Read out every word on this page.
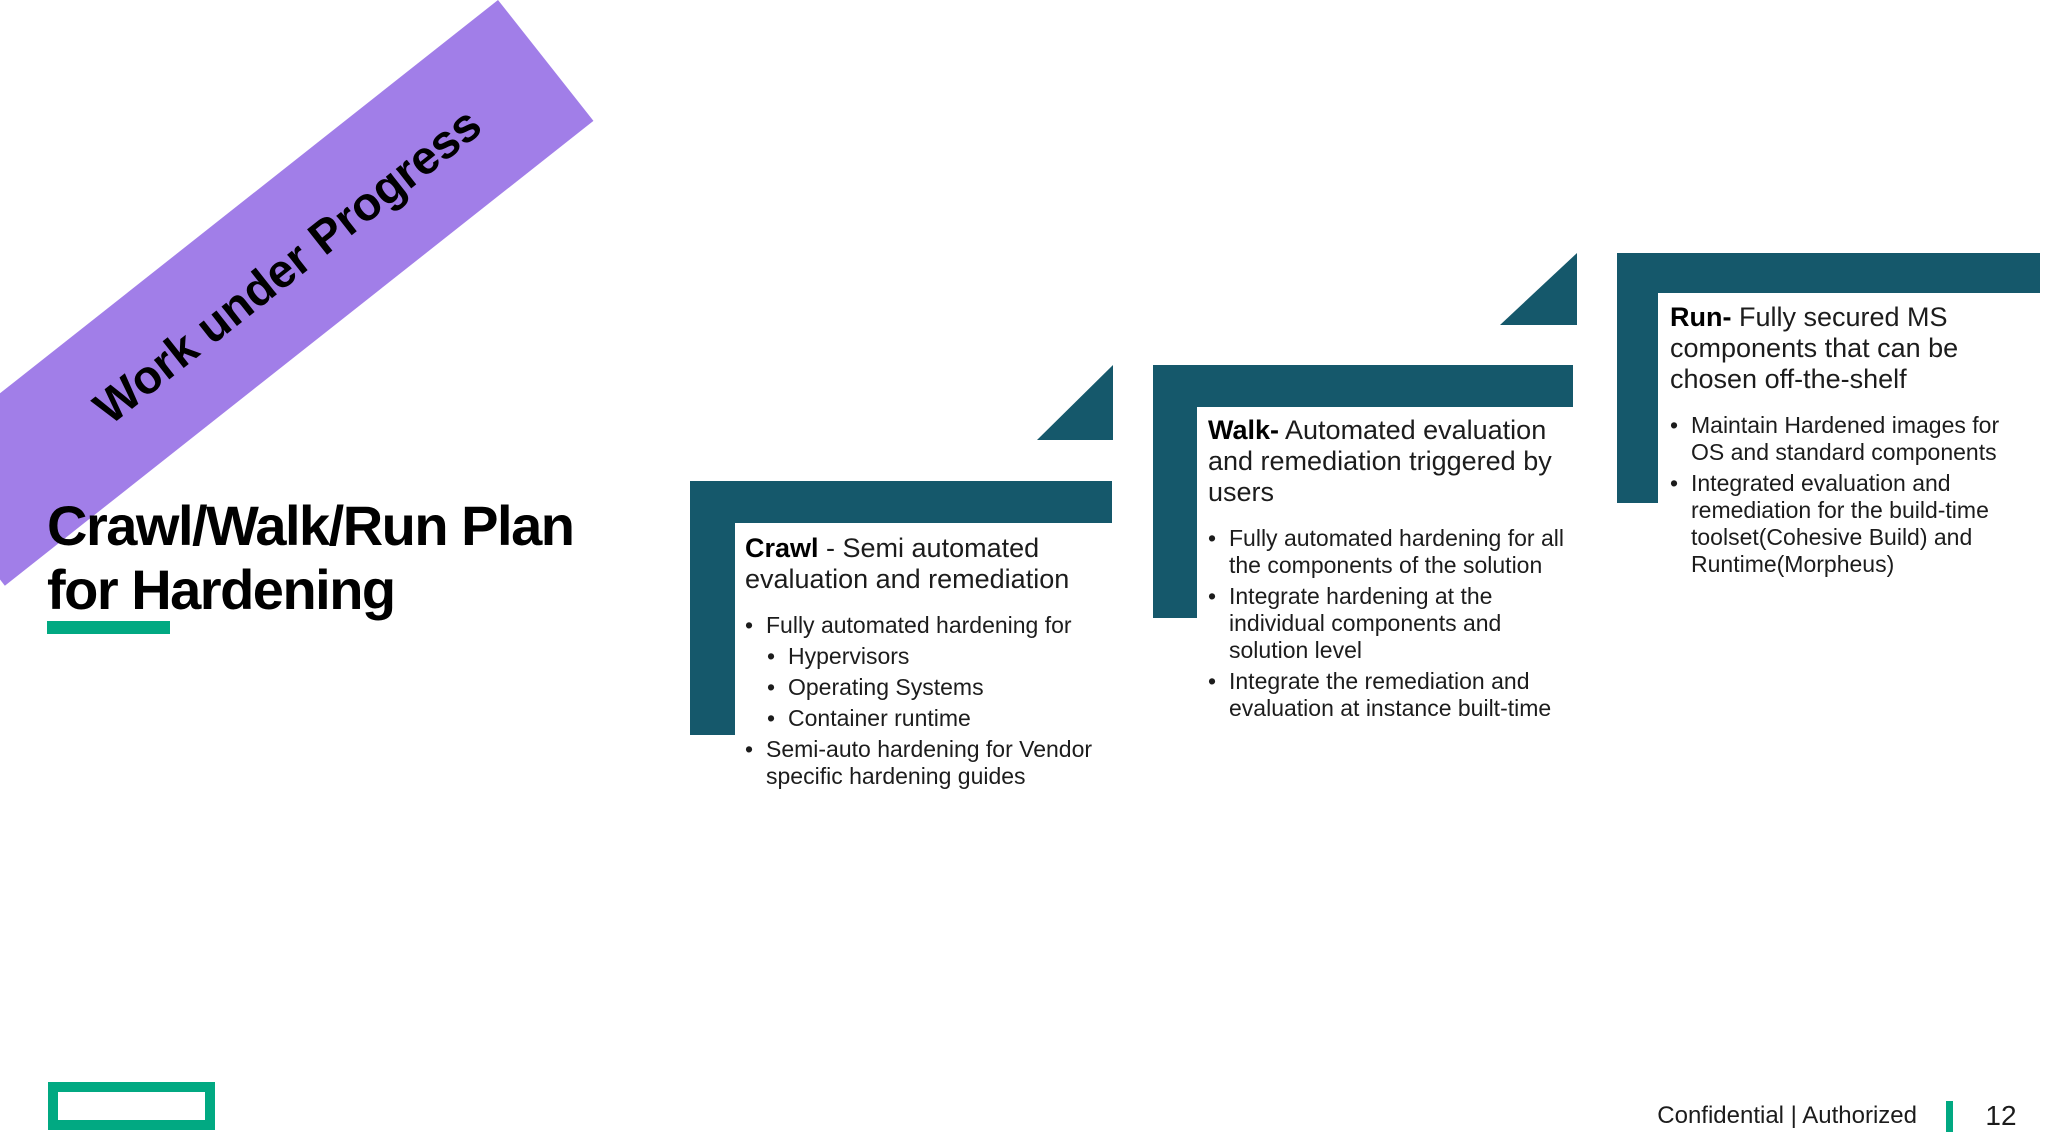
Work under Progress
Crawl/Walk/Run Plan for Hardening

Crawl - Semi automated evaluation and remediation

• Fully automated hardening for
• Hypervisors
• Operating Systems
• Container runtime
• Semi-auto hardening for Vendor specific hardening guides

Walk- Automated evaluation and remediation triggered by users

• Fully automated hardening for all the components of the solution
• Integrate hardening at the individual components and solution level
• Integrate the remediation and evaluation at instance built-time

Run- Fully secured MS components that can be chosen off-the-shelf

• Maintain Hardened images for OS and standard components
• Integrated evaluation and remediation for the build-time toolset(Cohesive Build) and Runtime(Morpheus)
Confidential | Authorized	12
